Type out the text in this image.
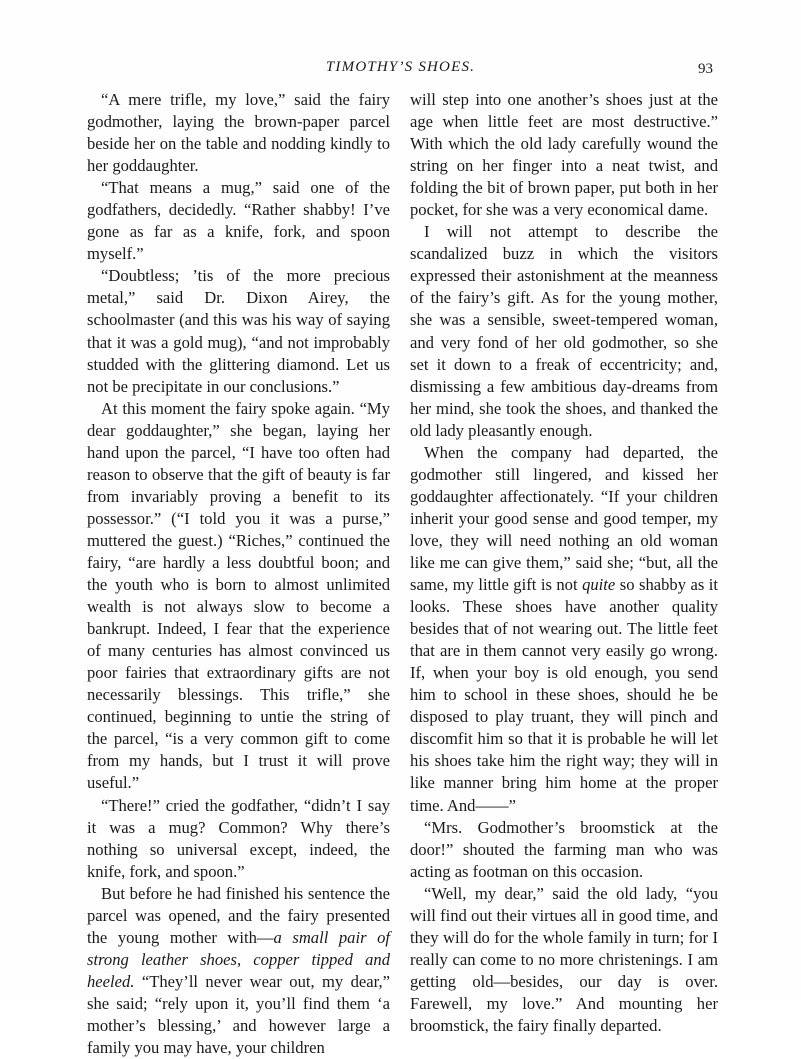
TIMOTHY’S SHOES.	93

“A mere trifle, my love,” said the fairy godmother, laying the brown-paper parcel beside her on the table and nodding kindly to her goddaughter.

“That means a mug,” said one of the godfathers, decidedly. “Rather shabby! I’ve gone as far as a knife, fork, and spoon myself.”

“Doubtless; ’tis of the more precious metal,” said Dr. Dixon Airey, the schoolmaster (and this was his way of saying that it was a gold mug), “and not improbably studded with the glittering diamond. Let us not be precipitate in our conclusions.”

At this moment the fairy spoke again. “My dear goddaughter,” she began, laying her hand upon the parcel, “I have too often had reason to observe that the gift of beauty is far from invariably proving a benefit to its possessor.” (“I told you it was a purse,” muttered the guest.) “Riches,” continued the fairy, “are hardly a less doubtful boon; and the youth who is born to almost unlimited wealth is not always slow to become a bankrupt. Indeed, I fear that the experience of many centuries has almost convinced us poor fairies that extraordinary gifts are not necessarily blessings. This trifle,” she continued, beginning to untie the string of the parcel, “is a very common gift to come from my hands, but I trust it will prove useful.”

“There!” cried the godfather, “didn’t I say it was a mug? Common? Why there’s nothing so universal except, indeed, the knife, fork, and spoon.”

But before he had finished his sentence the parcel was opened, and the fairy presented the young mother with—a small pair of strong leather shoes, copper tipped and heeled. “They’ll never wear out, my dear,” she said; “rely upon it, you’ll find them ‘a mother’s blessing,’ and however large a family you may have, your children

will step into one another’s shoes just at the age when little feet are most destructive.” With which the old lady carefully wound the string on her finger into a neat twist, and folding the bit of brown paper, put both in her pocket, for she was a very economical dame.

I will not attempt to describe the scandalized buzz in which the visitors expressed their astonishment at the meanness of the fairy’s gift. As for the young mother, she was a sensible, sweet-tempered woman, and very fond of her old godmother, so she set it down to a freak of eccentricity; and, dismissing a few ambitious day-dreams from her mind, she took the shoes, and thanked the old lady pleasantly enough.

When the company had departed, the godmother still lingered, and kissed her goddaughter affectionately. “If your children inherit your good sense and good temper, my love, they will need nothing an old woman like me can give them,” said she; “but, all the same, my little gift is not quite so shabby as it looks. These shoes have another quality besides that of not wearing out. The little feet that are in them cannot very easily go wrong. If, when your boy is old enough, you send him to school in these shoes, should he be disposed to play truant, they will pinch and discomfit him so that it is probable he will let his shoes take him the right way; they will in like manner bring him home at the proper time. And——”

“Mrs. Godmother’s broomstick at the door!” shouted the farming man who was acting as footman on this occasion.

“Well, my dear,” said the old lady, “you will find out their virtues all in good time, and they will do for the whole family in turn; for I really can come to no more christenings. I am getting old—besides, our day is over. Farewell, my love.” And mounting her broomstick, the fairy finally departed.
